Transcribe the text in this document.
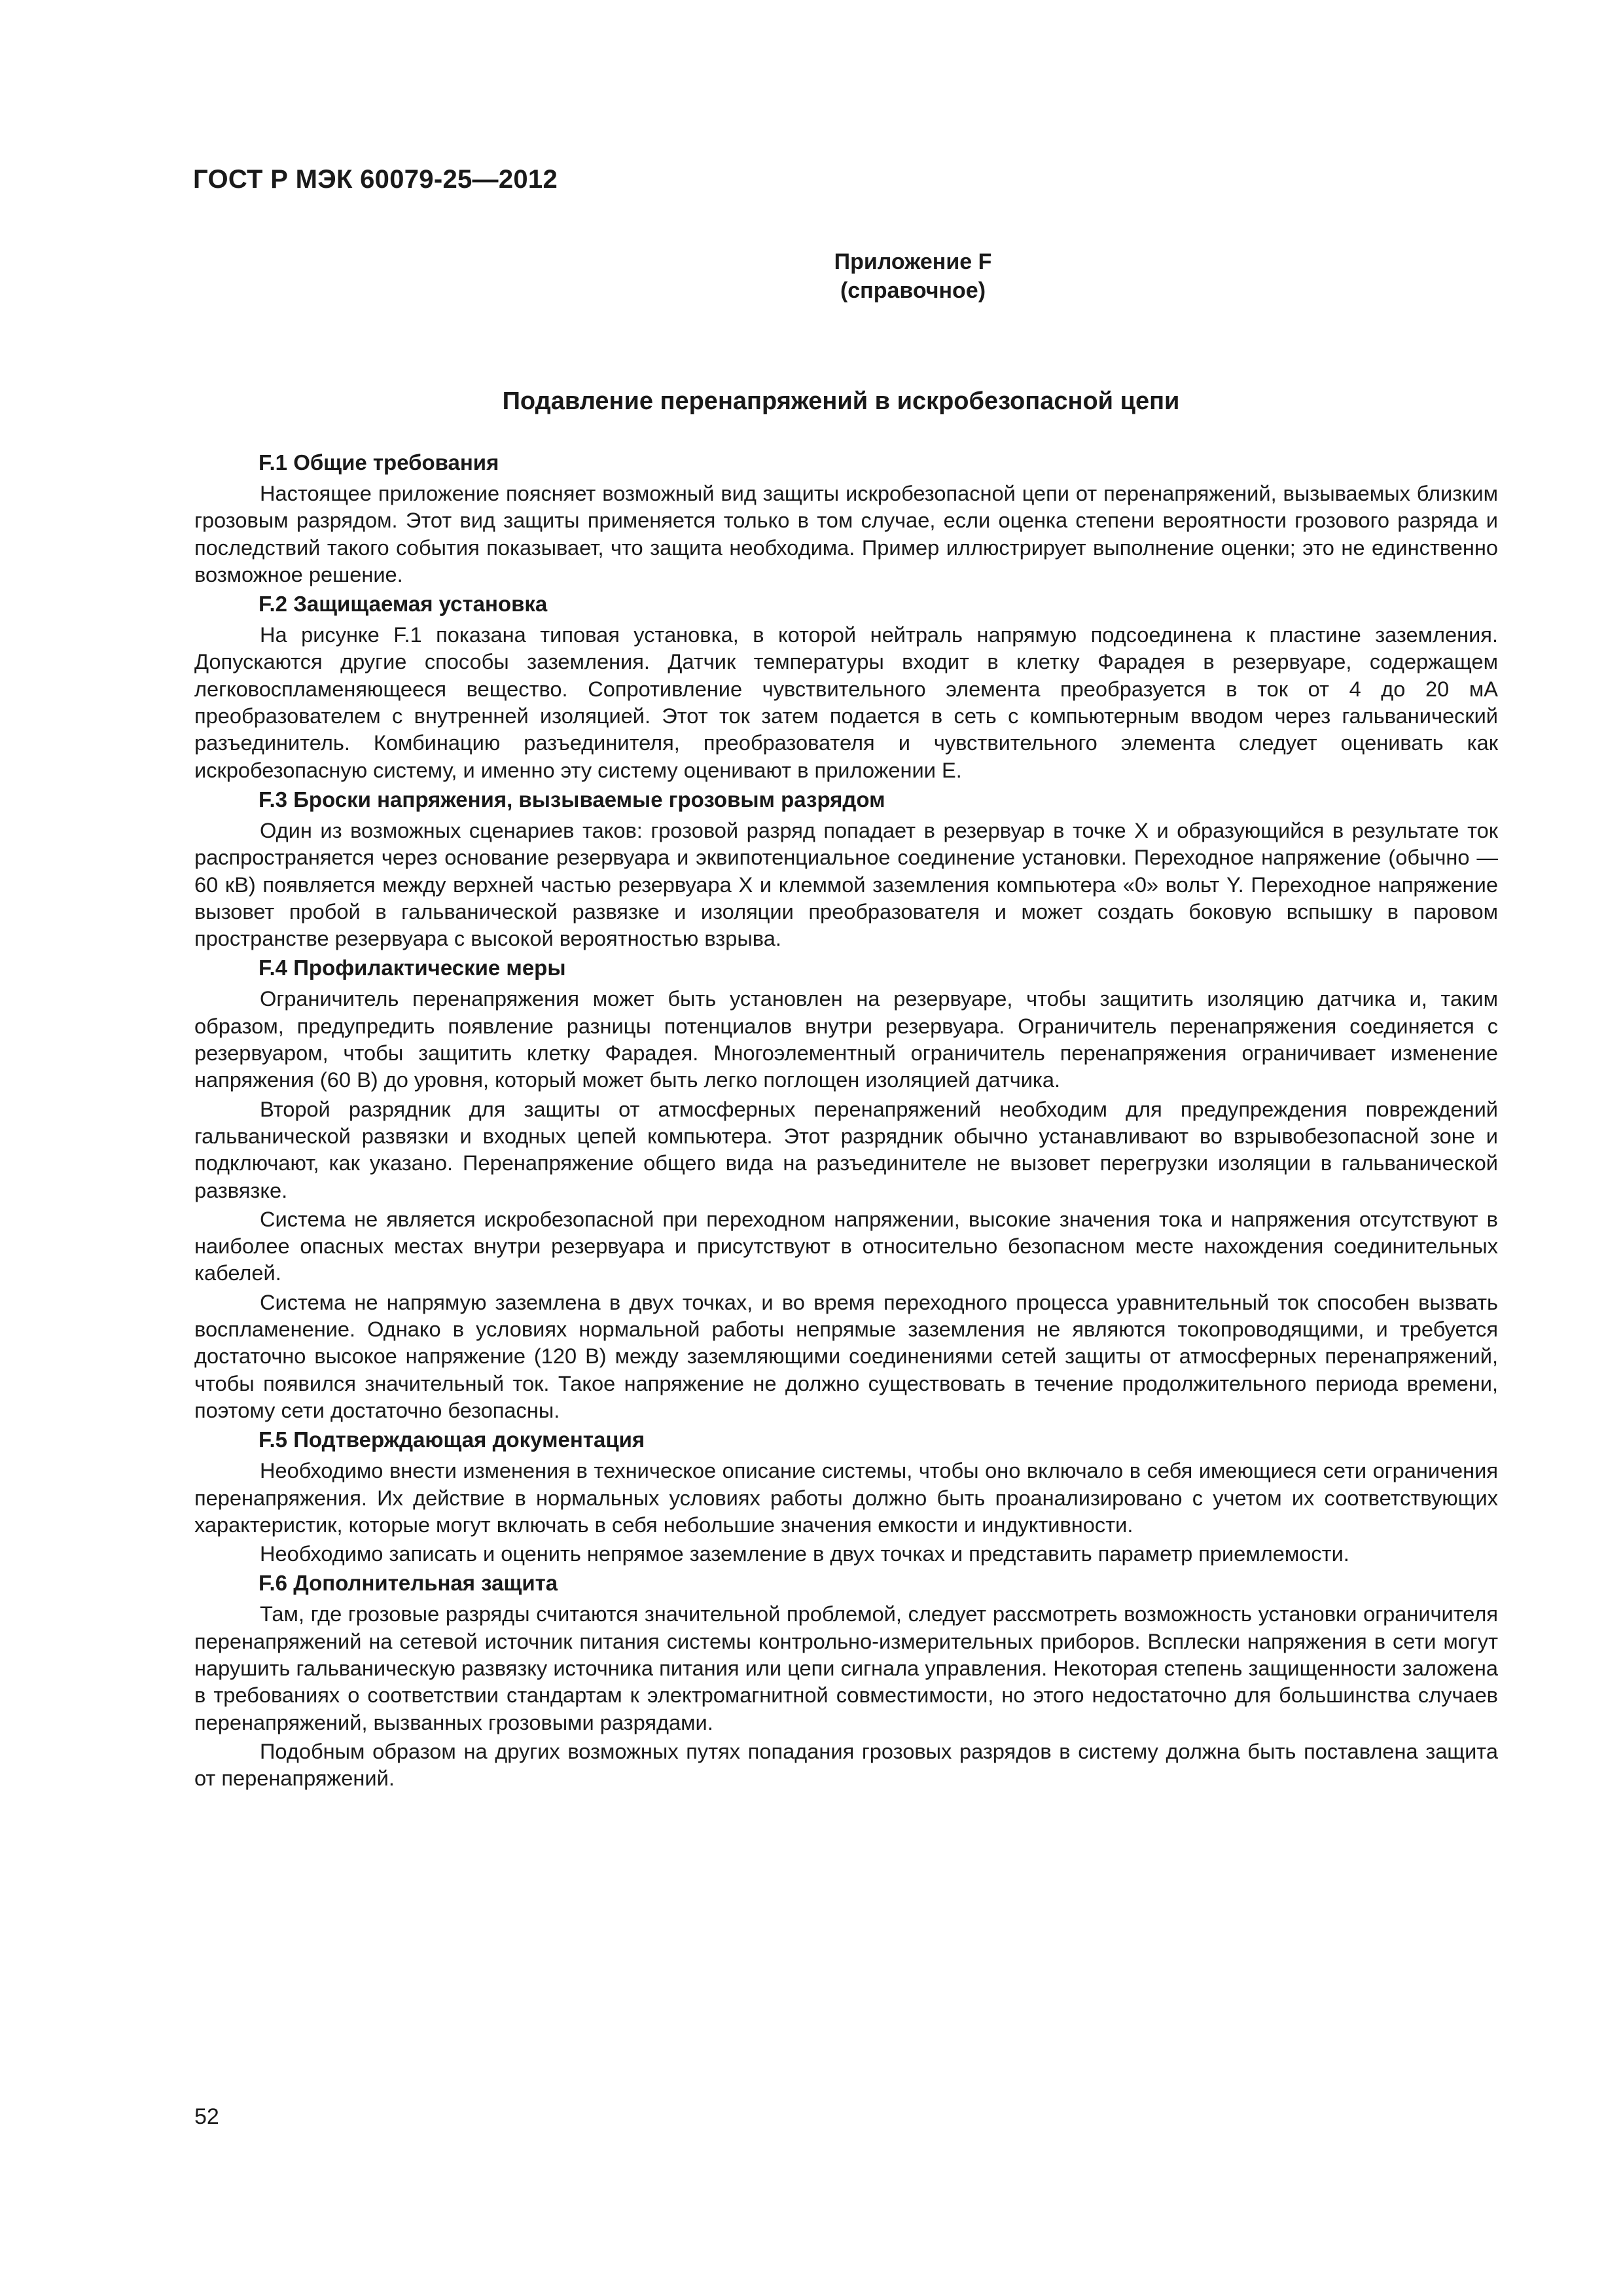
ГОСТ Р МЭК 60079-25—2012
Приложение F
(справочное)
Подавление перенапряжений в искробезопасной цепи
F.1 Общие требования

Настоящее приложение поясняет возможный вид защиты искробезопасной цепи от перенапряжений, вызываемых близким грозовым разрядом. Этот вид защиты применяется только в том случае, если оценка степени вероятности грозового разряда и последствий такого события показывает, что защита необходима. Пример иллюстрирует выполнение оценки; это не единственно возможное решение.

F.2 Защищаемая установка

На рисунке F.1 показана типовая установка, в которой нейтраль напрямую подсоединена к пластине заземления. Допускаются другие способы заземления. Датчик температуры входит в клетку Фарадея в резервуаре, содержащем легковоспламеняющееся вещество. Сопротивление чувствительного элемента преобразуется в ток от 4 до 20 мА преобразователем с внутренней изоляцией. Этот ток затем подается в сеть с компьютерным вводом через гальванический разъединитель. Комбинацию разъединителя, преобразователя и чувствительного элемента следует оценивать как искробезопасную систему, и именно эту систему оценивают в приложении Е.

F.3 Броски напряжения, вызываемые грозовым разрядом

Один из возможных сценариев таков: грозовой разряд попадает в резервуар в точке X и образующийся в результате ток распространяется через основание резервуара и эквипотенциальное соединение установки. Переходное напряжение (обычно — 60 кВ) появляется между верхней частью резервуара X и клеммой заземления компьютера «0» вольт Y. Переходное напряжение вызовет пробой в гальванической развязке и изоляции преобразователя и может создать боковую вспышку в паровом пространстве резервуара с высокой вероятностью взрыва.

F.4 Профилактические меры

Ограничитель перенапряжения может быть установлен на резервуаре, чтобы защитить изоляцию датчика и, таким образом, предупредить появление разницы потенциалов внутри резервуара. Ограничитель перенапряжения соединяется с резервуаром, чтобы защитить клетку Фарадея. Многоэлементный ограничитель перенапряжения ограничивает изменение напряжения (60 В) до уровня, который может быть легко поглощен изоляцией датчика.

Второй разрядник для защиты от атмосферных перенапряжений необходим для предупреждения повреждений гальванической развязки и входных цепей компьютера. Этот разрядник обычно устанавливают во взрывобезопасной зоне и подключают, как указано. Перенапряжение общего вида на разъединителе не вызовет перегрузки изоляции в гальванической развязке.

Система не является искробезопасной при переходном напряжении, высокие значения тока и напряжения отсутствуют в наиболее опасных местах внутри резервуара и присутствуют в относительно безопасном месте нахождения соединительных кабелей.

Система не напрямую заземлена в двух точках, и во время переходного процесса уравнительный ток способен вызвать воспламенение. Однако в условиях нормальной работы непрямые заземления не являются токопроводящими, и требуется достаточно высокое напряжение (120 В) между заземляющими соединениями сетей защиты от атмосферных перенапряжений, чтобы появился значительный ток. Такое напряжение не должно существовать в течение продолжительного периода времени, поэтому сети достаточно безопасны.

F.5 Подтверждающая документация

Необходимо внести изменения в техническое описание системы, чтобы оно включало в себя имеющиеся сети ограничения перенапряжения. Их действие в нормальных условиях работы должно быть проанализировано с учетом их соответствующих характеристик, которые могут включать в себя небольшие значения емкости и индуктивности.

Необходимо записать и оценить непрямое заземление в двух точках и представить параметр приемлемости.

F.6 Дополнительная защита

Там, где грозовые разряды считаются значительной проблемой, следует рассмотреть возможность установки ограничителя перенапряжений на сетевой источник питания системы контрольно-измерительных приборов. Всплески напряжения в сети могут нарушить гальваническую развязку источника питания или цепи сигнала управления. Некоторая степень защищенности заложена в требованиях о соответствии стандартам к электромагнитной совместимости, но этого недостаточно для большинства случаев перенапряжений, вызванных грозовыми разрядами.

Подобным образом на других возможных путях попадания грозовых разрядов в систему должна быть поставлена защита от перенапряжений.

52
